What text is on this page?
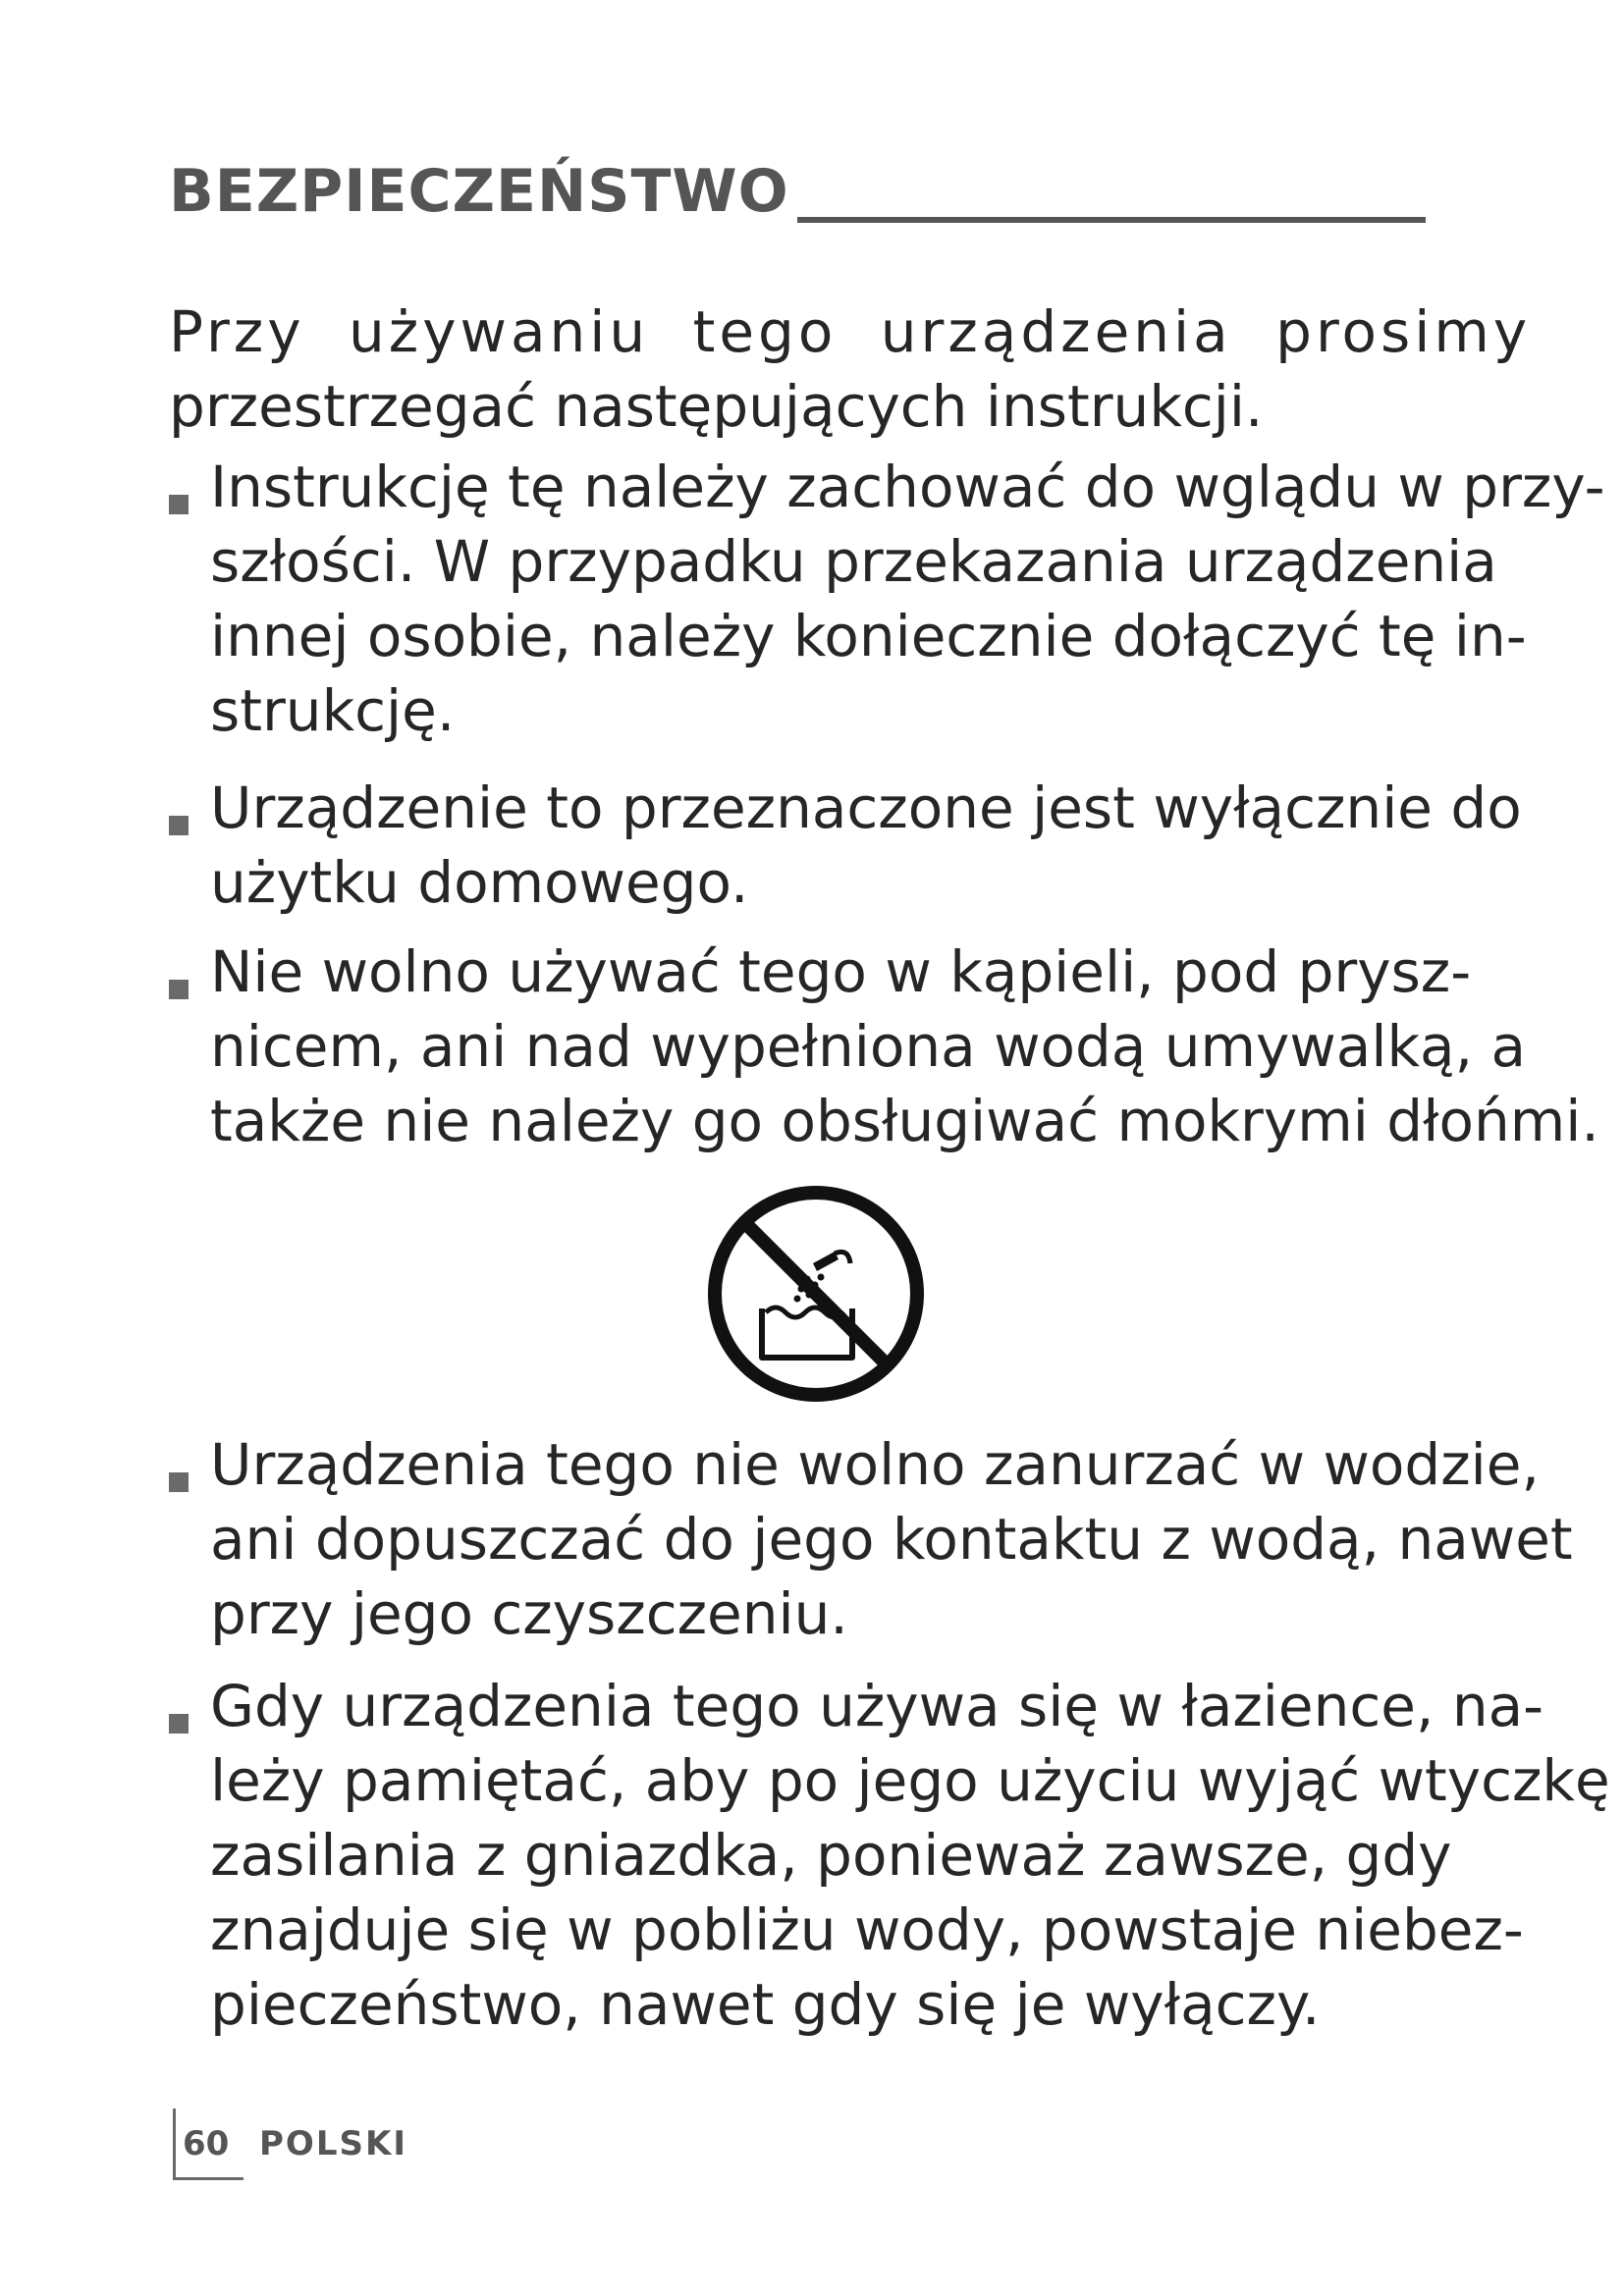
BEZPIECZEŃSTWO
Przy używaniu tego urządzenia prosimy
przestrzegać następujących instrukcji.
Instrukcję tę należy zachować do wglądu w przy-
szłości. W przypadku przekazania urządzenia
innej osobie, należy koniecznie dołączyć tę in-
strukcję.
Urządzenie to przeznaczone jest wyłącznie do
użytku domowego.
Nie wolno używać tego w kąpieli, pod prysz-
nicem, ani nad wypełniona wodą umywalką, a
także nie należy go obsługiwać mokrymi dłońmi.
Urządzenia tego nie wolno zanurzać w wodzie,
ani dopuszczać do jego kontaktu z wodą, nawet
przy jego czyszczeniu.
Gdy urządzenia tego używa się w łazience, na-
leży pamiętać, aby po jego użyciu wyjąć wtyczkę
zasilania z gniazdka, ponieważ zawsze, gdy
znajduje się w pobliżu wody, powstaje niebez-
pieczeństwo, nawet gdy się je wyłączy.
60 POLSKI
